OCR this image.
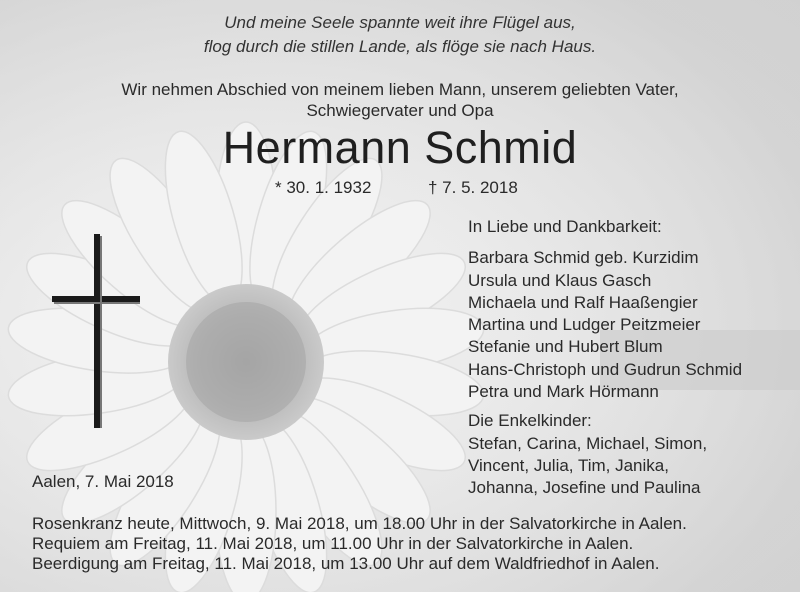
Und meine Seele spannte weit ihre Flügel aus,
flog durch die stillen Lande, als flöge sie nach Haus.
Wir nehmen Abschied von meinem lieben Mann, unserem geliebten Vater,
Schwiegervater und Opa
Hermann Schmid
* 30. 1. 1932	† 7. 5. 2018
In Liebe und Dankbarkeit:
Barbara Schmid geb. Kurzidim
Ursula und Klaus Gasch
Michaela und Ralf Haaßengier
Martina und Ludger Peitzmeier
Stefanie und Hubert Blum
Hans-Christoph und Gudrun Schmid
Petra und Mark Hörmann
Die Enkelkinder:
Stefan, Carina, Michael, Simon,
Vincent, Julia, Tim, Janika,
Johanna, Josefine und Paulina
Aalen, 7. Mai 2018
Rosenkranz heute, Mittwoch, 9. Mai 2018, um 18.00 Uhr in der Salvatorkirche in Aalen.
Requiem am Freitag, 11. Mai 2018, um 11.00 Uhr in der Salvatorkirche in Aalen.
Beerdigung am Freitag, 11. Mai 2018, um 13.00 Uhr auf dem Waldfriedhof in Aalen.
